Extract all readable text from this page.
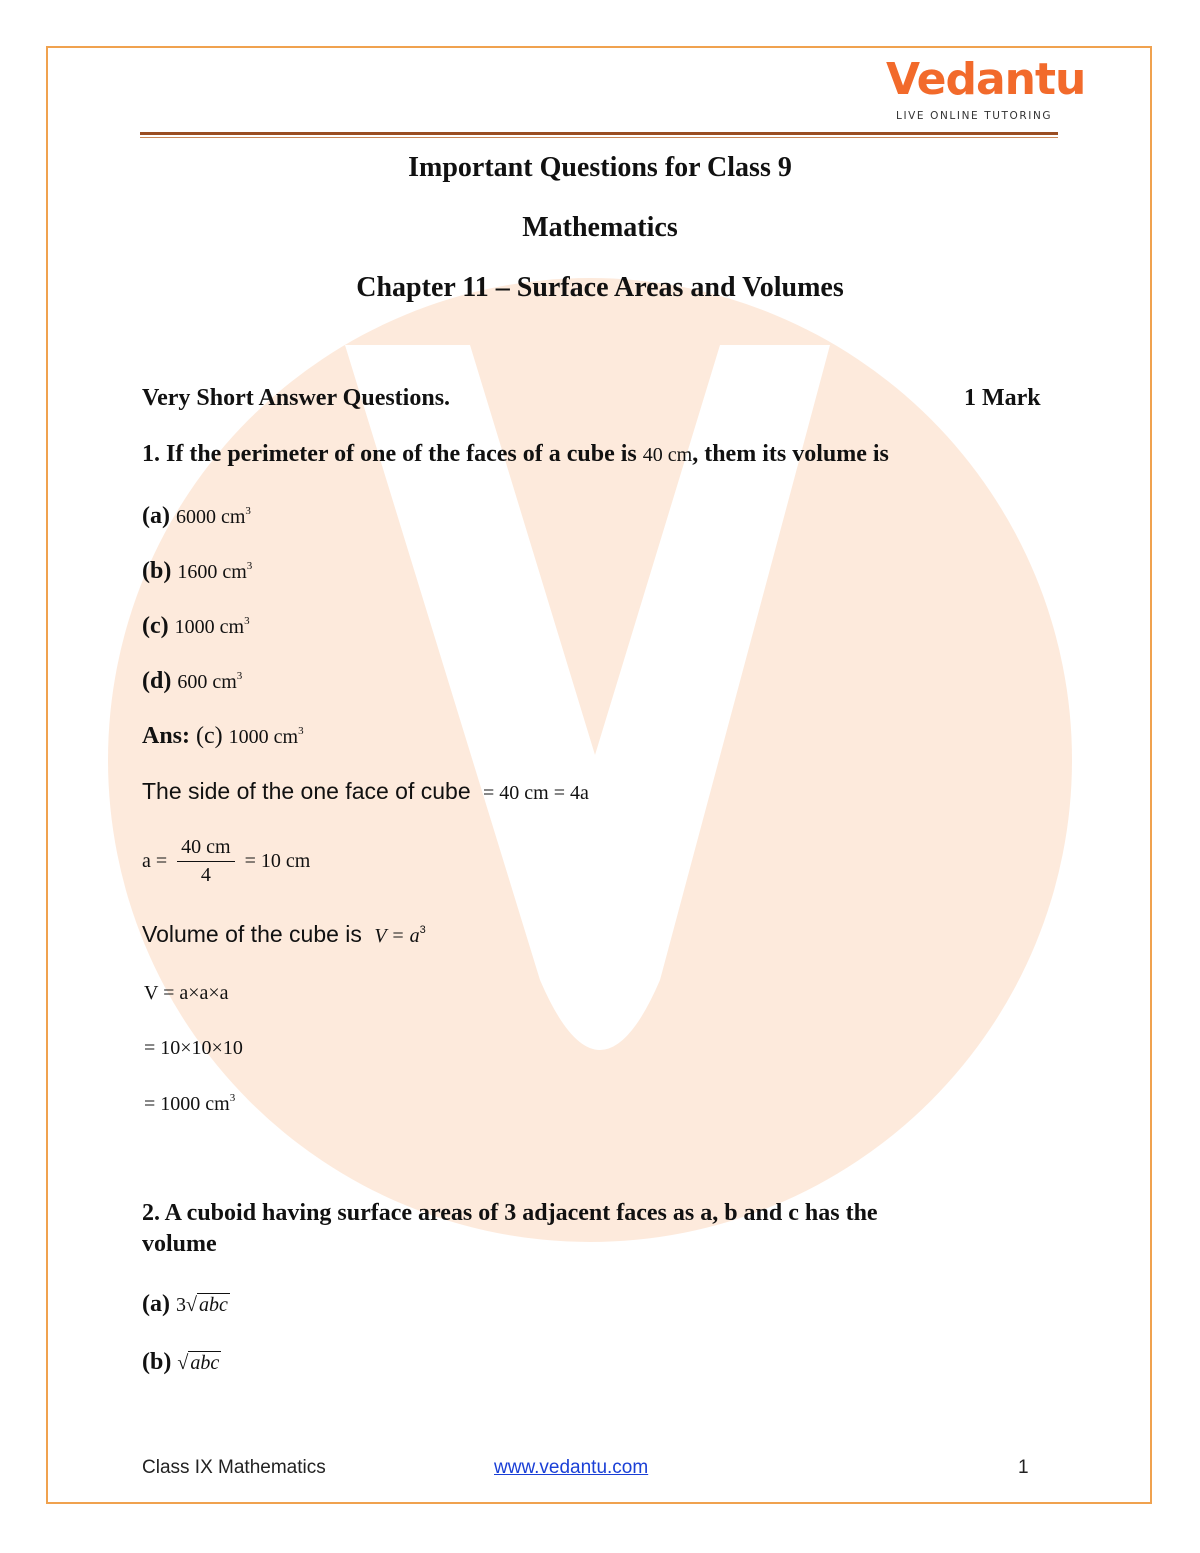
Vedantu
LIVE ONLINE TUTORING
Important Questions for Class 9
Mathematics
Chapter 11 – Surface Areas and Volumes
Very Short Answer Questions.	1 Mark
1. If the perimeter of one of the faces of a cube is 40 cm, them its volume is
(a) 6000 $cm^3$
(b) 1600 $cm^3$
(c) 1000 $cm^3$
(d) 600 $cm^3$
Ans: (c) 1000 $cm^3$
The side of the one face of cube = 40 cm = 4a
$a = \frac{40 cm}{4} = 10$ cm
Volume of the cube is $V = a^3$
V = a×a×a
= 10×10×10
= 1000 $cm^3$
2. A cuboid having surface areas of 3 adjacent faces as a, b and c has the
volume
(a) 3√ abc
(b) √ abc
Class IX Mathematics	www.vedantu.com	1
